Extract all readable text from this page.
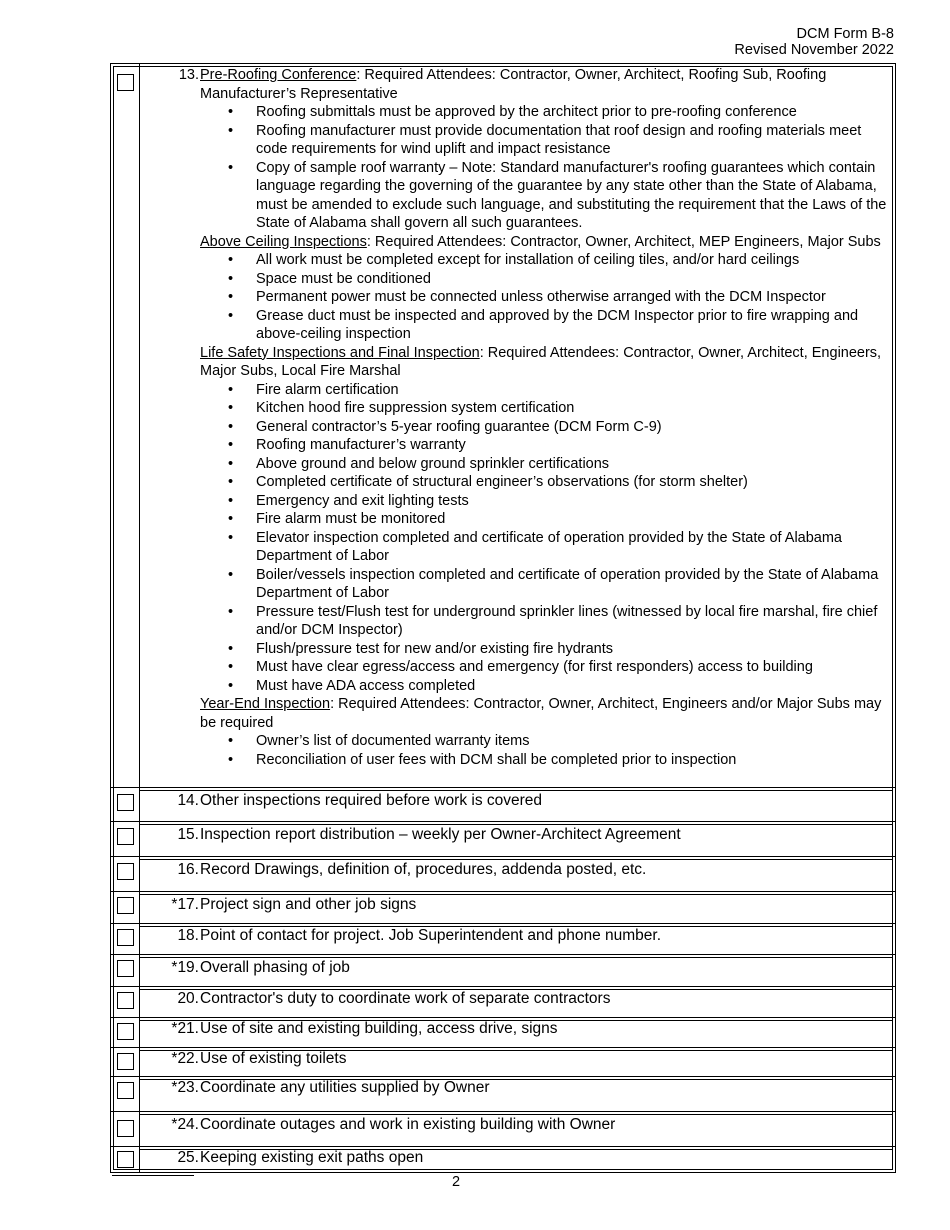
DCM Form B-8
Revised November 2022
13. Pre-Roofing Conference: Required Attendees: Contractor, Owner, Architect, Roofing Sub, Roofing Manufacturer’s Representative
• Roofing submittals must be approved by the architect prior to pre-roofing conference
• Roofing manufacturer must provide documentation that roof design and roofing materials meet code requirements for wind uplift and impact resistance
• Copy of sample roof warranty – Note: Standard manufacturer's roofing guarantees which contain language regarding the governing of the guarantee by any state other than the State of Alabama, must be amended to exclude such language, and substituting the requirement that the Laws of the State of Alabama shall govern all such guarantees.
Above Ceiling Inspections: Required Attendees: Contractor, Owner, Architect, MEP Engineers, Major Subs
• All work must be completed except for installation of ceiling tiles, and/or hard ceilings
• Space must be conditioned
• Permanent power must be connected unless otherwise arranged with the DCM Inspector
• Grease duct must be inspected and approved by the DCM Inspector prior to fire wrapping and above-ceiling inspection
Life Safety Inspections and Final Inspection: Required Attendees: Contractor, Owner, Architect, Engineers, Major Subs, Local Fire Marshal
• Fire alarm certification
• Kitchen hood fire suppression system certification
• General contractor’s 5-year roofing guarantee (DCM Form C-9)
• Roofing manufacturer’s warranty
• Above ground and below ground sprinkler certifications
• Completed certificate of structural engineer’s observations (for storm shelter)
• Emergency and exit lighting tests
• Fire alarm must be monitored
• Elevator inspection completed and certificate of operation provided by the State of Alabama Department of Labor
• Boiler/vessels inspection completed and certificate of operation provided by the State of Alabama Department of Labor
• Pressure test/Flush test for underground sprinkler lines (witnessed by local fire marshal, fire chief and/or DCM Inspector)
• Flush/pressure test for new and/or existing fire hydrants
• Must have clear egress/access and emergency (for first responders) access to building
• Must have ADA access completed
Year-End Inspection: Required Attendees: Contractor, Owner, Architect, Engineers and/or Major Subs may be required
• Owner’s list of documented warranty items
• Reconciliation of user fees with DCM shall be completed prior to inspection
14. Other inspections required before work is covered
15. Inspection report distribution – weekly per Owner-Architect Agreement
16. Record Drawings, definition of, procedures, addenda posted, etc.
*17. Project sign and other job signs
18. Point of contact for project. Job Superintendent and phone number.
*19. Overall phasing of job
20. Contractor's duty to coordinate work of separate contractors
*21. Use of site and existing building, access drive, signs
*22. Use of existing toilets
*23. Coordinate any utilities supplied by Owner
*24. Coordinate outages and work in existing building with Owner
25. Keeping existing exit paths open
2
